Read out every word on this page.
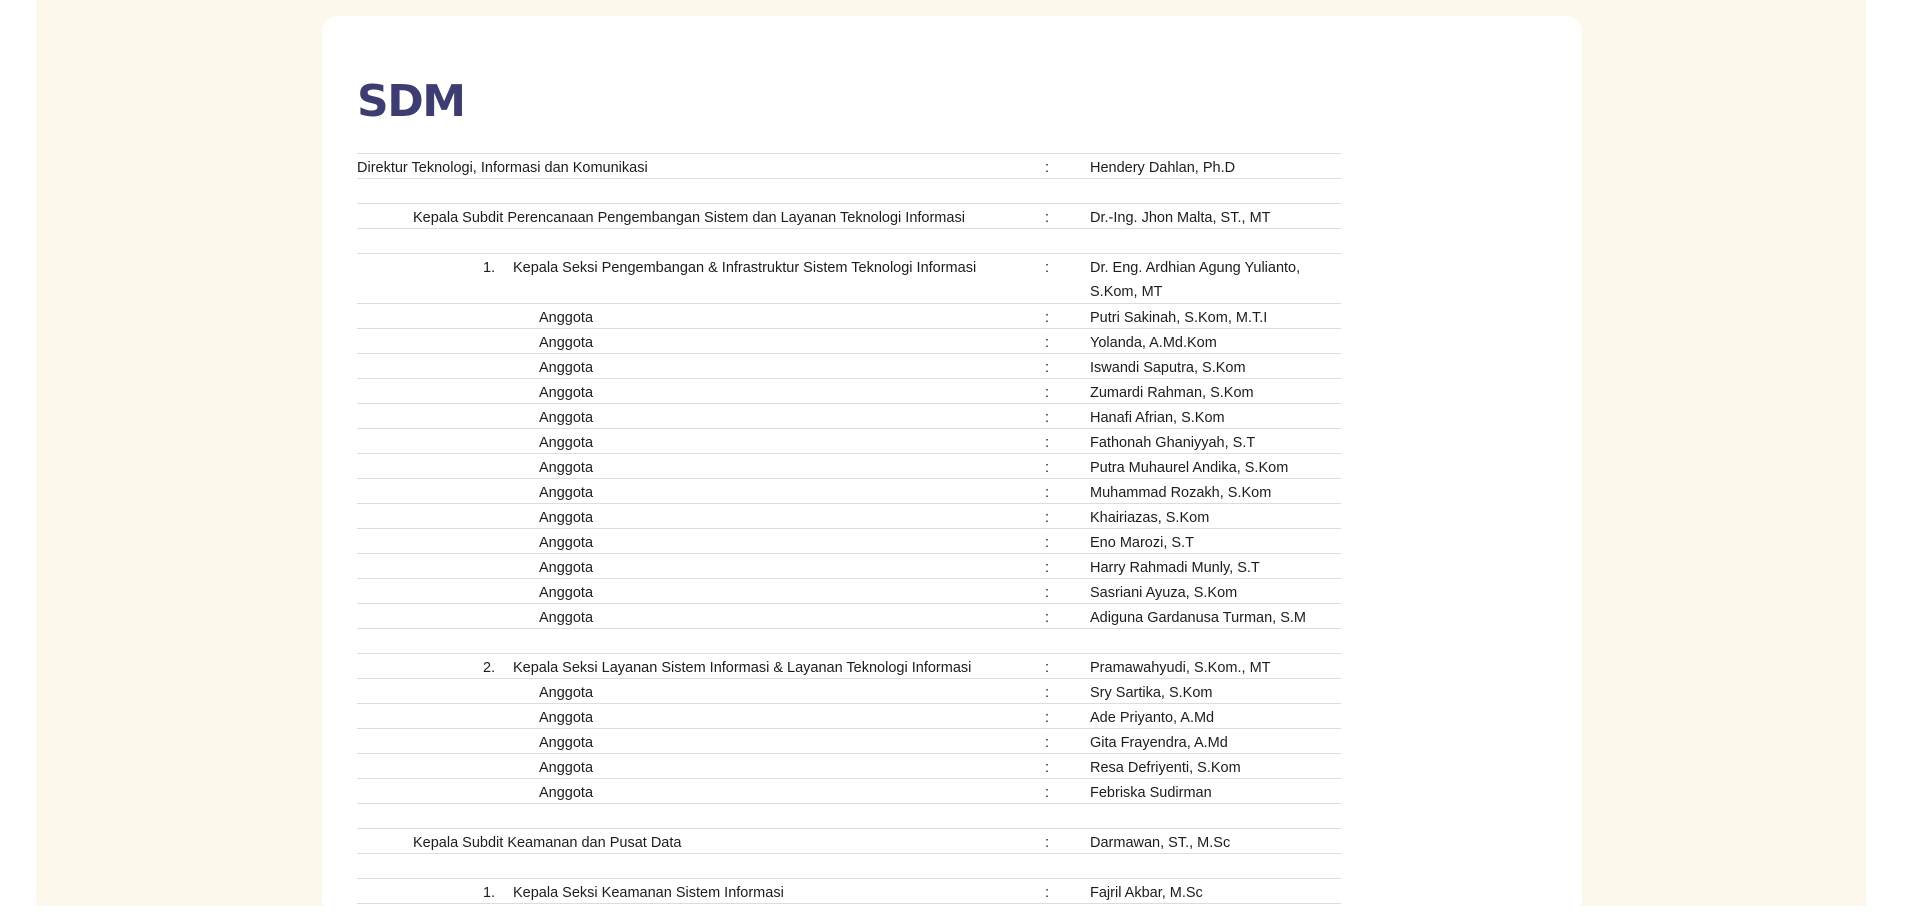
SDM
Direktur Teknologi, Informasi dan Komunikasi	:	Hendery Dahlan, Ph.D
Kepala Subdit Perencanaan Pengembangan Sistem dan Layanan Teknologi Informasi	:	Dr.-Ing. Jhon Malta, ST., MT
1. Kepala Seksi Pengembangan & Infrastruktur Sistem Teknologi Informasi	:	Dr. Eng. Ardhian Agung Yulianto, S.Kom, MT
Anggota	:	Putri Sakinah, S.Kom, M.T.I
Anggota	:	Yolanda, A.Md.Kom
Anggota	:	Iswandi Saputra, S.Kom
Anggota	:	Zumardi Rahman, S.Kom
Anggota	:	Hanafi Afrian, S.Kom
Anggota	:	Fathonah Ghaniyyah, S.T
Anggota	:	Putra Muhaurel Andika, S.Kom
Anggota	:	Muhammad Rozakh, S.Kom
Anggota	:	Khairiazas, S.Kom
Anggota	:	Eno Marozi, S.T
Anggota	:	Harry Rahmadi Munly, S.T
Anggota	:	Sasriani Ayuza, S.Kom
Anggota	:	Adiguna Gardanusa Turman, S.M
2. Kepala Seksi Layanan Sistem Informasi & Layanan Teknologi Informasi	:	Pramawahyudi, S.Kom., MT
Anggota	:	Sry Sartika, S.Kom
Anggota	:	Ade Priyanto, A.Md
Anggota	:	Gita Frayendra, A.Md
Anggota	:	Resa Defriyenti, S.Kom
Anggota	:	Febriska Sudirman
Kepala Subdit Keamanan dan Pusat Data	:	Darmawan, ST., M.Sc
1. Kepala Seksi Keamanan Sistem Informasi	:	Fajril Akbar, M.Sc
